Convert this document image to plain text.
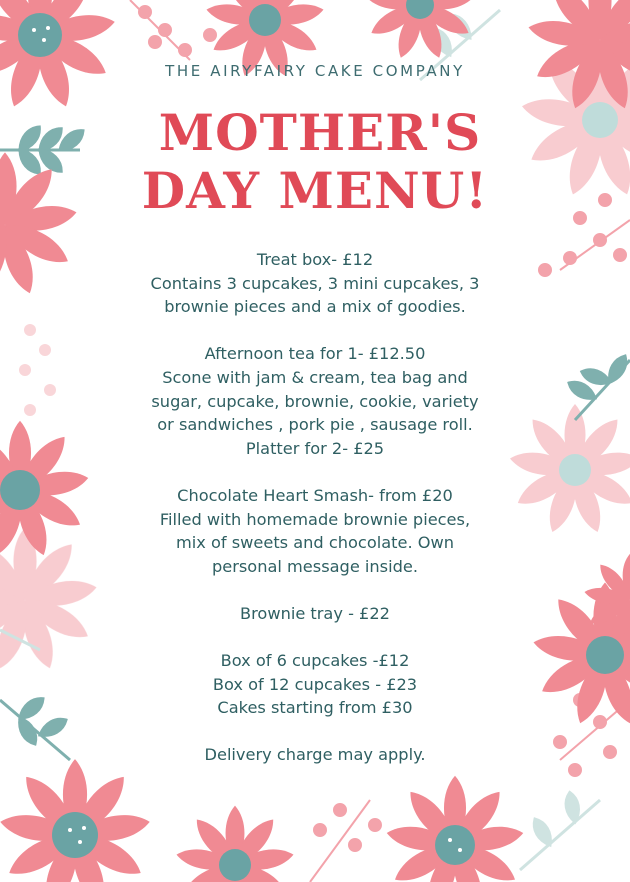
THE AIRYFAIRY CAKE COMPANY
MOTHER'S
DAY MENU!

Treat box- £12
Contains 3 cupcakes, 3 mini cupcakes, 3
brownie pieces and a mix of goodies.

Afternoon tea for 1- £12.50
Scone with jam & cream, tea bag and
sugar, cupcake, brownie, cookie, variety
or sandwiches , pork pie , sausage roll.
Platter for 2- £25

Chocolate Heart Smash- from £20
Filled with homemade brownie pieces,
mix of sweets and chocolate. Own
personal message inside.

Brownie tray - £22

Box of 6 cupcakes -£12
Box of 12 cupcakes - £23
Cakes starting from £30

Delivery charge may apply.
